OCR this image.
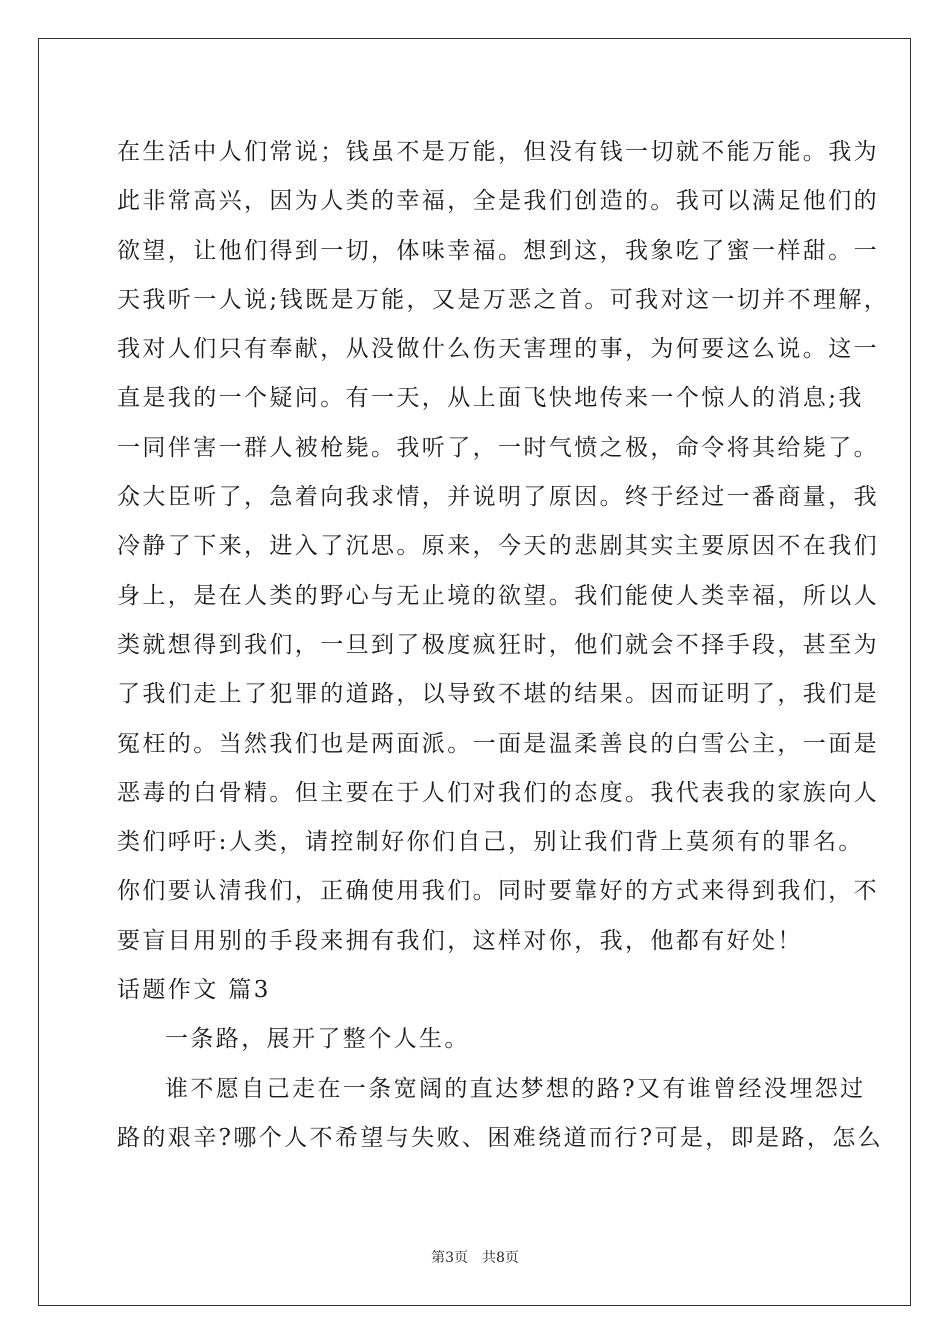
在生活中人们常说；钱虽不是万能，但没有钱一切就不能万能。我为
此非常高兴，因为人类的幸福，全是我们创造的。我可以满足他们的
欲望，让他们得到一切，体味幸福。想到这，我象吃了蜜一样甜。一
天我听一人说;钱既是万能，又是万恶之首。可我对这一切并不理解，
我对人们只有奉献，从没做什么伤天害理的事，为何要这么说。这一
直是我的一个疑问。有一天，从上面飞快地传来一个惊人的消息;我
一同伴害一群人被枪毙。我听了，一时气愤之极，命令将其给毙了。
众大臣听了，急着向我求情，并说明了原因。终于经过一番商量，我
冷静了下来，进入了沉思。原来，今天的悲剧其实主要原因不在我们
身上，是在人类的野心与无止境的欲望。我们能使人类幸福，所以人
类就想得到我们，一旦到了极度疯狂时，他们就会不择手段，甚至为
了我们走上了犯罪的道路，以导致不堪的结果。因而证明了，我们是
冤枉的。当然我们也是两面派。一面是温柔善良的白雪公主，一面是
恶毒的白骨精。但主要在于人们对我们的态度。我代表我的家族向人
类们呼吁:人类，请控制好你们自己，别让我们背上莫须有的罪名。
你们要认清我们，正确使用我们。同时要靠好的方式来得到我们，不
要盲目用别的手段来拥有我们，这样对你，我，他都有好处！
话题作文 篇3
一条路，展开了整个人生。
谁不愿自己走在一条宽阔的直达梦想的路?又有谁曾经没埋怨过
路的艰辛?哪个人不希望与失败、困难绕道而行?可是，即是路，怎么
第3页 共8页
